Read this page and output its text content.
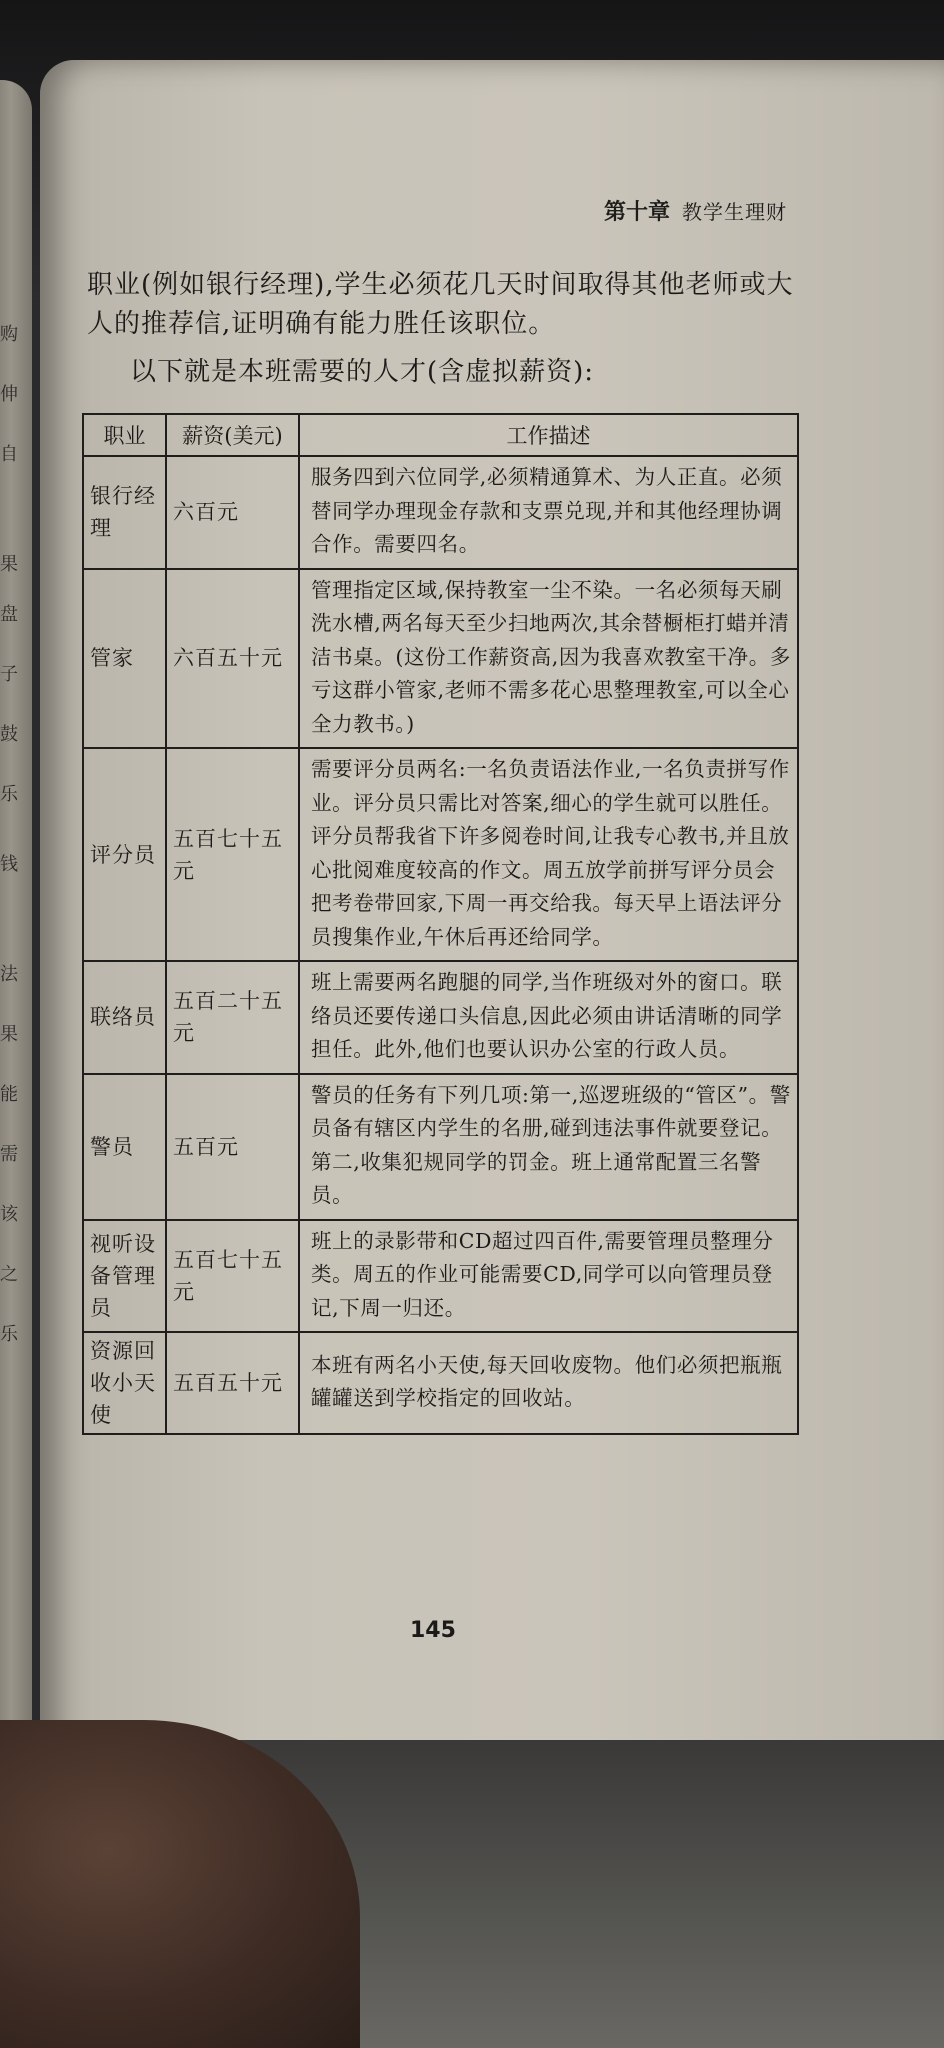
购
伸
自
果
盘
子
鼓
乐
钱
法
果
能
需
该
之
乐
第十章 教学生理财

职业(例如银行经理),学生必须花几天时间取得其他老师或大人的推荐信,证明确有能力胜任该职位。

以下就是本班需要的人才(含虚拟薪资):

职业	薪资(美元)	工作描述
银行经理	六百元	服务四到六位同学,必须精通算术、为人正直。必须替同学办理现金存款和支票兑现,并和其他经理协调合作。需要四名。
管家	六百五十元	管理指定区域,保持教室一尘不染。一名必须每天刷洗水槽,两名每天至少扫地两次,其余替橱柜打蜡并清洁书桌。(这份工作薪资高,因为我喜欢教室干净。多亏这群小管家,老师不需多花心思整理教室,可以全心全力教书。)
评分员	五百七十五元	需要评分员两名:一名负责语法作业,一名负责拼写作业。评分员只需比对答案,细心的学生就可以胜任。评分员帮我省下许多阅卷时间,让我专心教书,并且放心批阅难度较高的作文。周五放学前拼写评分员会把考卷带回家,下周一再交给我。每天早上语法评分员搜集作业,午休后再还给同学。
联络员	五百二十五元	班上需要两名跑腿的同学,当作班级对外的窗口。联络员还要传递口头信息,因此必须由讲话清晰的同学担任。此外,他们也要认识办公室的行政人员。
警员	五百元	警员的任务有下列几项:第一,巡逻班级的“管区”。警员备有辖区内学生的名册,碰到违法事件就要登记。第二,收集犯规同学的罚金。班上通常配置三名警员。
视听设备管理员	五百七十五元	班上的录影带和CD超过四百件,需要管理员整理分类。周五的作业可能需要CD,同学可以向管理员登记,下周一归还。
资源回收小天使	五百五十元	本班有两名小天使,每天回收废物。他们必须把瓶瓶罐罐送到学校指定的回收站。
145
